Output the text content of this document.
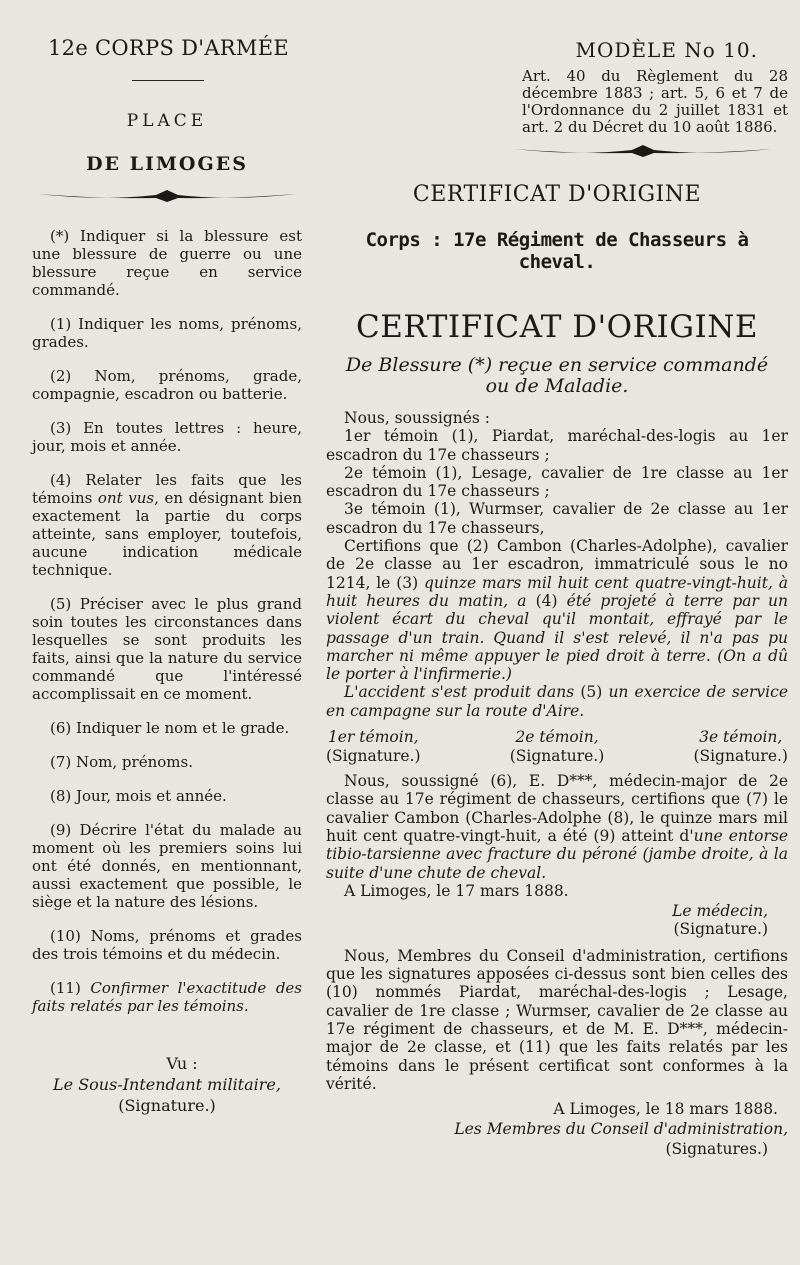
12e CORPS D'ARMÉE
PLACE
DE LIMOGES

(*) Indiquer si la blessure est une blessure de guerre ou une blessure reçue en service commandé.

(1) Indiquer les noms, prénoms, grades.

(2) Nom, prénoms, grade, compagnie, escadron ou batterie.

(3) En toutes lettres : heure, jour, mois et année.

(4) Relater les faits que les témoins ont vus, en désignant bien exactement la partie du corps atteinte, sans employer, toutefois, aucune indication médicale technique.

(5) Préciser avec le plus grand soin toutes les circonstances dans lesquelles se sont produits les faits, ainsi que la nature du service commandé que l'intéressé accomplissait en ce moment.

(6) Indiquer le nom et le grade.

(7) Nom, prénoms.

(8) Jour, mois et année.

(9) Décrire l'état du malade au moment où les premiers soins lui ont été donnés, en mentionnant, aussi exactement que possible, le siège et la nature des lésions.

(10) Noms, prénoms et grades des trois témoins et du médecin.

(11) Confirmer l'exactitude des faits relatés par les témoins.

Vu :
Le Sous-Intendant militaire,
(Signature.)
MODÈLE No 10.
Art. 40 du Règlement du 28 décembre 1883 ; art. 5, 6 et 7 de l'Ordonnance du 2 juillet 1831 et art. 2 du Décret du 10 août 1886.
CERTIFICAT D'ORIGINE
Corps : 17e Régiment de Chasseurs à cheval.
CERTIFICAT D'ORIGINE
De Blessure (*) reçue en service commandé
ou de Maladie.

Nous, soussignés :

1er témoin (1), Piardat, maréchal-des-logis au 1er escadron du 17e chasseurs ;

2e témoin (1), Lesage, cavalier de 1re classe au 1er escadron du 17e chasseurs ;

3e témoin (1), Wurmser, cavalier de 2e classe au 1er escadron du 17e chasseurs,

Certifions que (2) Cambon (Charles-Adolphe), cavalier de 2e classe au 1er escadron, immatriculé sous le no 1214, le (3) quinze mars mil huit cent quatre-vingt-huit, à huit heures du matin, a (4) été projeté à terre par un violent écart du cheval qu'il montait, effrayé par le passage d'un train. Quand il s'est relevé, il n'a pas pu marcher ni même appuyer le pied droit à terre. (On a dû le porter à l'infirmerie.)

L'accident s'est produit dans (5) un exercice de service en campagne sur la route d'Aire.

1er témoin,
(Signature.)
2e témoin,
(Signature.)
3e témoin,
(Signature.)

Nous, soussigné (6), E. D***, médecin-major de 2e classe au 17e régiment de chasseurs, certifions que (7) le cavalier Cambon (Charles-Adolphe (8), le quinze mars mil huit cent quatre-vingt-huit, a été (9) atteint d'une entorse tibio-tarsienne avec fracture du péroné (jambe droite, à la suite d'une chute de cheval.

A Limoges, le 17 mars 1888.

Le médecin,
(Signature.)

Nous, Membres du Conseil d'administration, certifions que les signatures apposées ci-dessus sont bien celles des (10) nommés Piardat, maréchal-des-logis ; Lesage, cavalier de 1re classe ; Wurmser, cavalier de 2e classe au 17e régiment de chasseurs, et de M. E. D***, médecin-major de 2e classe, et (11) que les faits relatés par les témoins dans le présent certificat sont conformes à la vérité.

A Limoges, le 18 mars 1888.
Les Membres du Conseil d'administration,
(Signatures.)
